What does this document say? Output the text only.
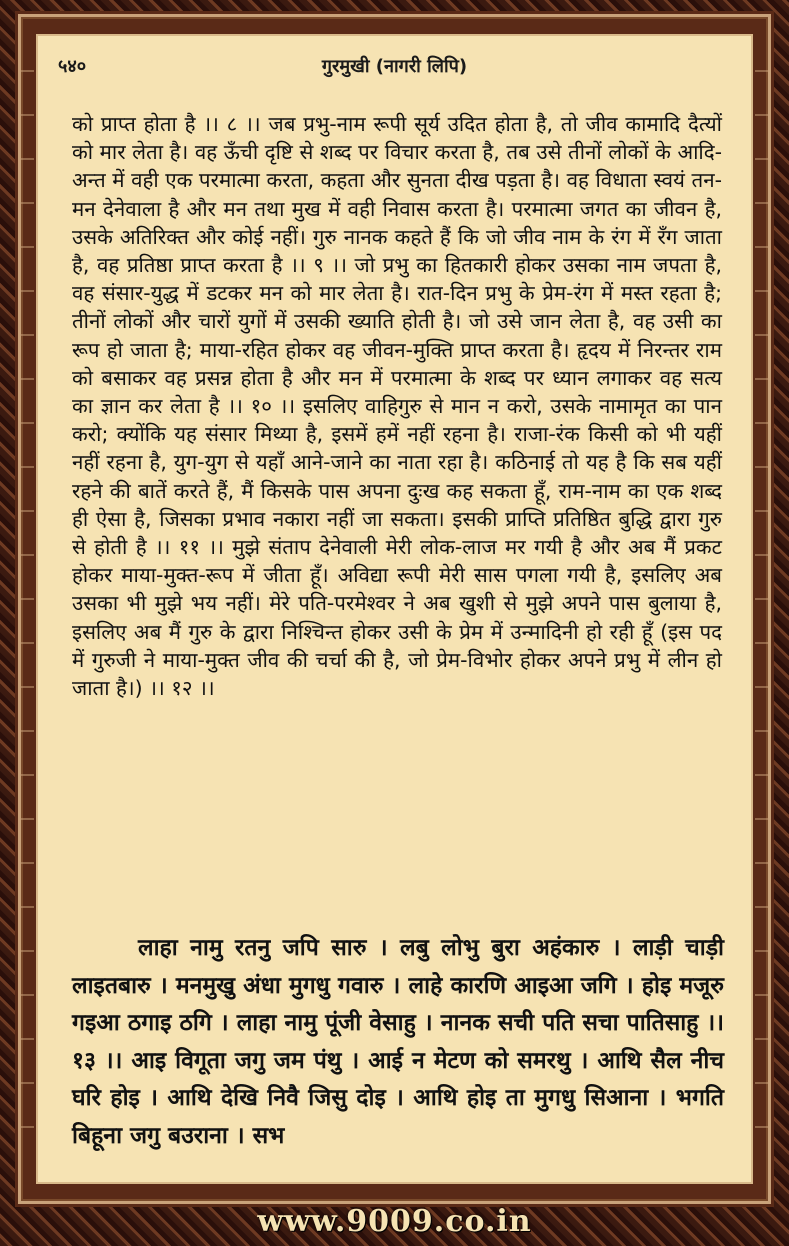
५४०	गुरमुखी (नागरी लिपि)

को प्राप्त होता है ।। ८ ।। जब प्रभु-नाम रूपी सूर्य उदित होता है, तो जीव कामादि दैत्यों को मार लेता है। वह ऊँची दृष्टि से शब्द पर विचार करता है, तब उसे तीनों लोकों के आदि-अन्त में वही एक परमात्मा करता, कहता और सुनता दीख पड़ता है। वह विधाता स्वयं तन-मन देनेवाला है और मन तथा मुख में वही निवास करता है। परमात्मा जगत का जीवन है, उसके अतिरिक्त और कोई नहीं। गुरु नानक कहते हैं कि जो जीव नाम के रंग में रँग जाता है, वह प्रतिष्ठा प्राप्त करता है ।। ९ ।। जो प्रभु का हितकारी होकर उसका नाम जपता है, वह संसार-युद्ध में डटकर मन को मार लेता है। रात-दिन प्रभु के प्रेम-रंग में मस्त रहता है; तीनों लोकों और चारों युगों में उसकी ख्याति होती है। जो उसे जान लेता है, वह उसी का रूप हो जाता है; माया-रहित होकर वह जीवन-मुक्ति प्राप्त करता है। हृदय में निरन्तर राम को बसाकर वह प्रसन्न होता है और मन में परमात्मा के शब्द पर ध्यान लगाकर वह सत्य का ज्ञान कर लेता है ।। १० ।। इसलिए वाहिगुरु से मान न करो, उसके नामामृत का पान करो; क्योंकि यह संसार मिथ्या है, इसमें हमें नहीं रहना है। राजा-रंक किसी को भी यहीं नहीं रहना है, युग-युग से यहाँ आने-जाने का नाता रहा है। कठिनाई तो यह है कि सब यहीं रहने की बातें करते हैं, मैं किसके पास अपना दुःख कह सकता हूँ, राम-नाम का एक शब्द ही ऐसा है, जिसका प्रभाव नकारा नहीं जा सकता। इसकी प्राप्ति प्रतिष्ठित बुद्धि द्वारा गुरु से होती है ।। ११ ।। मुझे संताप देनेवाली मेरी लोक-लाज मर गयी है और अब मैं प्रकट होकर माया-मुक्त-रूप में जीता हूँ। अविद्या रूपी मेरी सास पगला गयी है, इसलिए अब उसका भी मुझे भय नहीं। मेरे पति-परमेश्वर ने अब खुशी से मुझे अपने पास बुलाया है, इसलिए अब मैं गुरु के द्वारा निश्चिन्त होकर उसी के प्रेम में उन्मादिनी हो रही हूँ (इस पद में गुरुजी ने माया-मुक्त जीव की चर्चा की है, जो प्रेम-विभोर होकर अपने प्रभु में लीन हो जाता है।) ।। १२ ।।

लाहा नामु रतनु जपि सारु । लबु लोभु बुरा अहंकारु । लाड़ी चाड़ी लाइतबारु । मनमुखु अंधा मुगधु गवारु । लाहे कारणि आइआ जगि । होइ मजूरु गइआ ठगाइ ठगि । लाहा नामु पूंजी वेसाहु । नानक सची पति सचा पातिसाहु ।। १३ ।। आइ विगूता जगु जम पंथु । आई न मेटण को समरथु । आथि सैल नीच घरि होइ । आथि देखि निवै जिसु दोइ । आथि होइ ता मुगधु सिआना । भगति बिहूना जगु बउराना । सभ

www.9009.co.in
